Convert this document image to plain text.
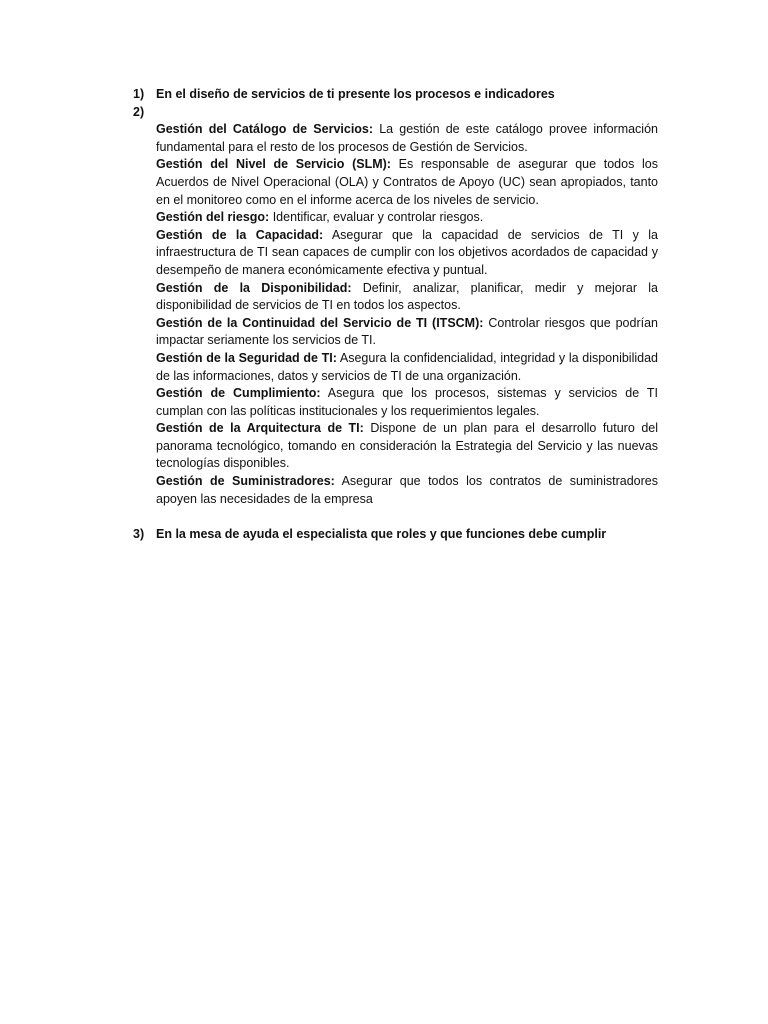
1) En el diseño de servicios de ti presente los procesos e indicadores
2)

Gestión del Catálogo de Servicios: La gestión de este catálogo provee información fundamental para el resto de los procesos de Gestión de Servicios.

Gestión del Nivel de Servicio (SLM): Es responsable de asegurar que todos los Acuerdos de Nivel Operacional (OLA) y Contratos de Apoyo (UC) sean apropiados, tanto en el monitoreo como en el informe acerca de los niveles de servicio.

Gestión del riesgo: Identificar, evaluar y controlar riesgos.

Gestión de la Capacidad: Asegurar que la capacidad de servicios de TI y la infraestructura de TI sean capaces de cumplir con los objetivos acordados de capacidad y desempeño de manera económicamente efectiva y puntual.

Gestión de la Disponibilidad: Definir, analizar, planificar, medir y mejorar la disponibilidad de servicios de TI en todos los aspectos.

Gestión de la Continuidad del Servicio de TI (ITSCM): Controlar riesgos que podrían impactar seriamente los servicios de TI.

Gestión de la Seguridad de TI: Asegura la confidencialidad, integridad y la disponibilidad de las informaciones, datos y servicios de TI de una organización.

Gestión de Cumplimiento: Asegura que los procesos, sistemas y servicios de TI cumplan con las políticas institucionales y los requerimientos legales.

Gestión de la Arquitectura de TI: Dispone de un plan para el desarrollo futuro del panorama tecnológico, tomando en consideración la Estrategia del Servicio y las nuevas tecnologías disponibles.

Gestión de Suministradores: Asegurar que todos los contratos de suministradores apoyen las necesidades de la empresa

3) En la mesa de ayuda el especialista que roles y que funciones debe cumplir
